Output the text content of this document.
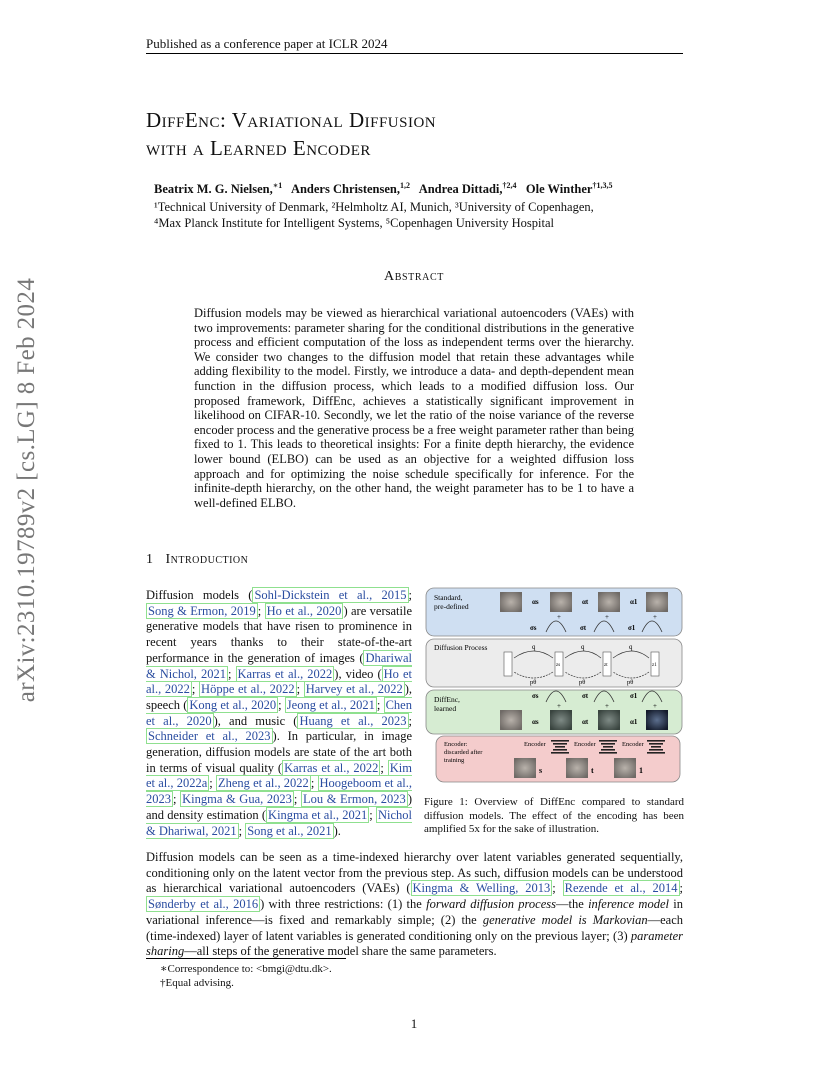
Published as a conference paper at ICLR 2024
arXiv:2310.19789v2 [cs.LG] 8 Feb 2024
DiffEnc: Variational Diffusion
with a Learned Encoder
Beatrix M. G. Nielsen,$^{∗1}$ Anders Christensen,$^{1,2}$ Andrea Dittadi,$^{\dagger 2,4}$ Ole Winther$^{\dagger 1,3,5}$
¹Technical University of Denmark, ²Helmholtz AI, Munich, ³University of Copenhagen,
⁴Max Planck Institute for Intelligent Systems, ⁵Copenhagen University Hospital
Abstract
Diffusion models may be viewed as hierarchical variational autoencoders (VAEs) with two improvements: parameter sharing for the conditional distributions in the generative process and efficient computation of the loss as independent terms over the hierarchy. We consider two changes to the diffusion model that retain these advantages while adding flexibility to the model. Firstly, we introduce a data- and depth-dependent mean function in the diffusion process, which leads to a modified diffusion loss. Our proposed framework, DiffEnc, achieves a statistically significant improvement in likelihood on CIFAR-10. Secondly, we let the ratio of the noise variance of the reverse encoder process and the generative process be a free weight parameter rather than being fixed to 1. This leads to theoretical insights: For a finite depth hierarchy, the evidence lower bound (ELBO) can be used as an objective for a weighted diffusion loss approach and for optimizing the noise schedule specifically for inference. For the infinite-depth hierarchy, on the other hand, the weight parameter has to be 1 to have a well-defined ELBO.
1 Introduction
Diffusion models ( Sohl-Dickstein et al., 2015 ; Song & Ermon, 2019 ; Ho et al., 2020 ) are versatile generative models that have risen to prominence in recent years thanks to their state-of-the-art performance in the generation of images ( Dhariwal & Nichol, 2021 ; Karras et al., 2022 ), video ( Ho et al., 2022 ; Höppe et al., 2022 ; Harvey et al., 2022 ), speech ( Kong et al., 2020 ; Jeong et al., 2021 ; Chen et al., 2020 ), and music ( Huang et al., 2023 ; Schneider et al., 2023 ). In particular, in image generation, diffusion models are state of the art both in terms of visual quality ( Karras et al., 2022 ; Kim et al., 2022a ; Zheng et al., 2022 ; Hoogeboom et al., 2023 ; Kingma & Gua, 2023 ; Lou & Ermon, 2023 ) and density estimation ( Kingma et al., 2021 ; Nichol & Dhariwal, 2021 ; Song et al., 2021 ).
Standard,
pre-defined
Diffusion Process
DiffEnc,
learned
Encoder:
discarded after
training
αs	αt	α1
+	+	+
σs	σt	σ1
zs	zt	z1
q	q	q
pθ	pθ	pθ
σs	σt	σ1
+	+	+
αs	αt	α1
Encoder	Encoder	Encoder
s	t	1
Figure 1: Overview of DiffEnc compared to standard diffusion models. The effect of the encoding has been amplified 5x for the sake of illustration.
Diffusion models can be seen as a time-indexed hierarchy over latent variables generated sequentially, conditioning only on the latent vector from the previous step. As such, diffusion models can be understood as hierarchical variational autoencoders (VAEs) ( Kingma & Welling, 2013 ; Rezende et al., 2014 ; Sønderby et al., 2016 ) with three restrictions: (1) the forward diffusion process—the inference model in variational inference—is fixed and remarkably simple; (2) the generative model is Markovian—each (time-indexed) layer of latent variables is generated conditioning only on the previous layer; (3) parameter sharing—all steps of the generative model share the same parameters.
∗Correspondence to: <bmgi@dtu.dk>.
†Equal advising.
1
